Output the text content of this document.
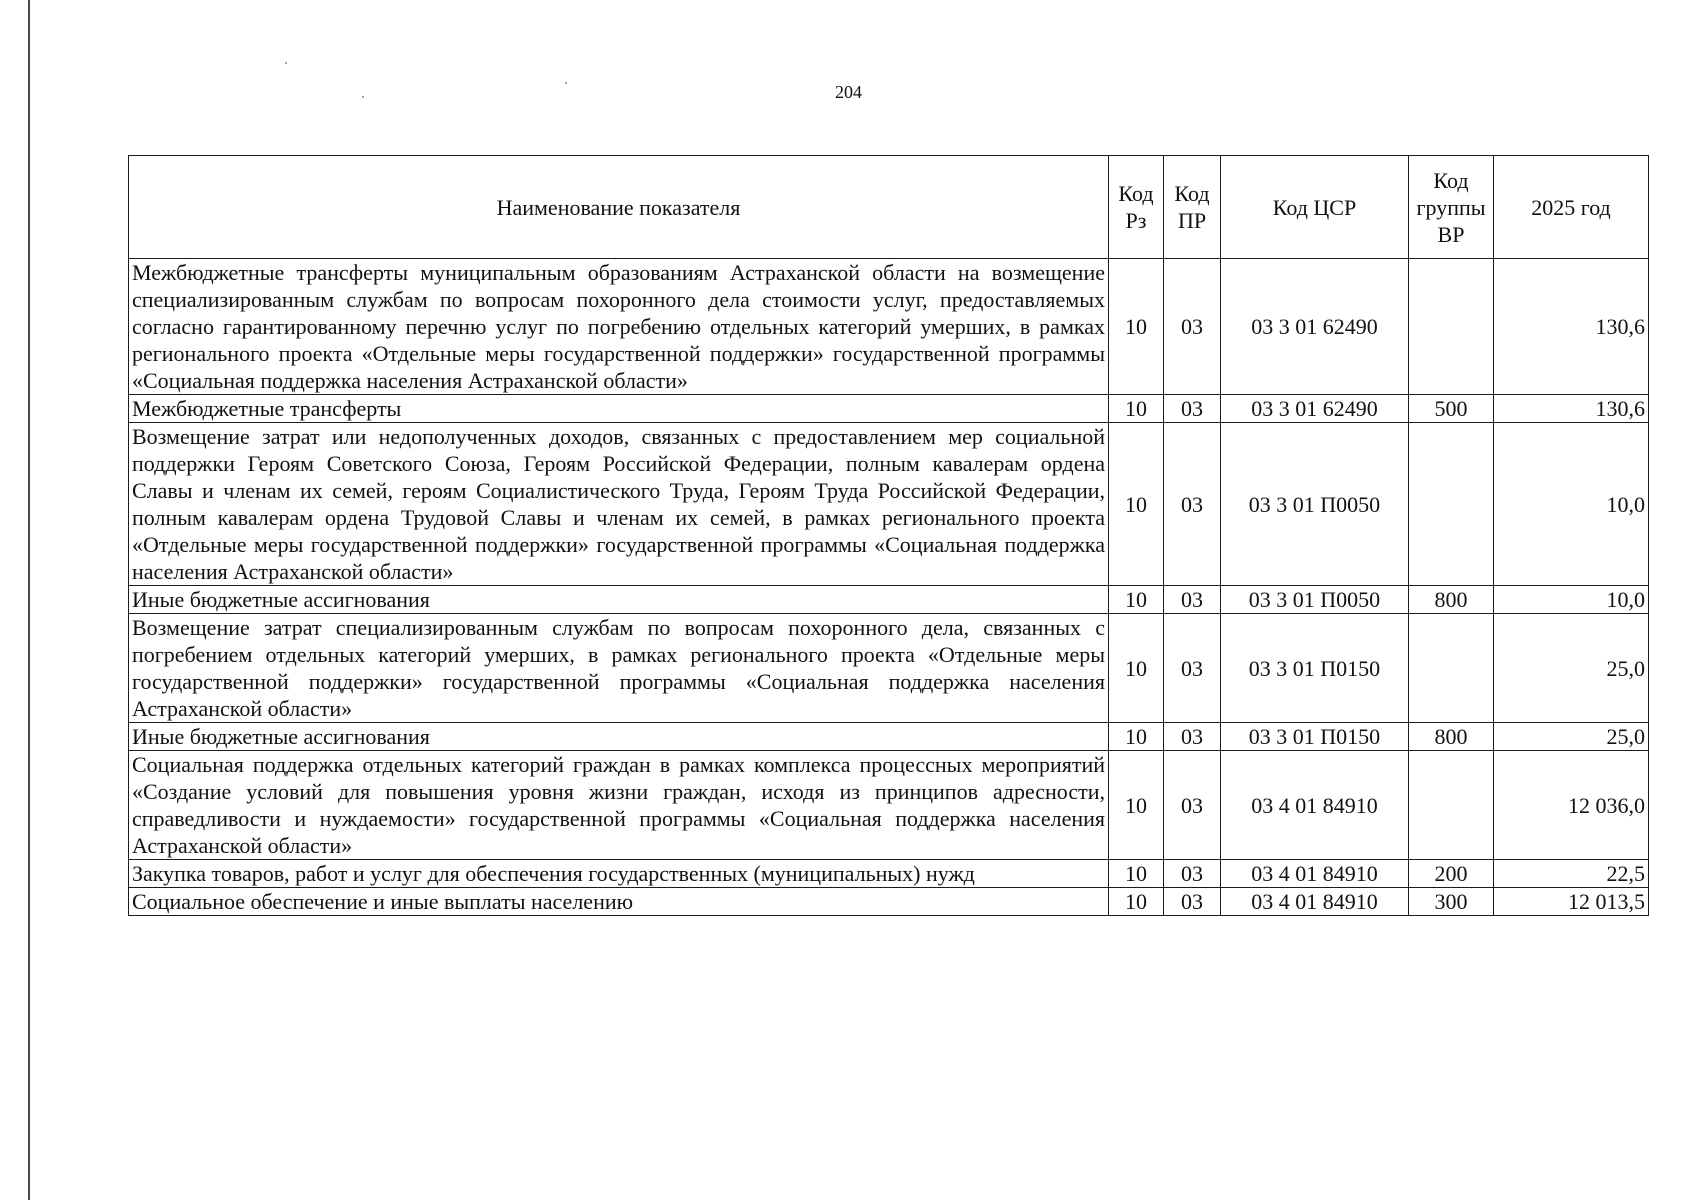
204
Наименование показателя	Код Рз	Код ПР	Код ЦСР	Код группы ВР	2025 год
Межбюджетные трансферты муниципальным образованиям Астраханской области на возмещение специализированным службам по вопросам похоронного дела стоимости услуг, предоставляемых согласно гарантированному перечню услуг по погребению отдельных категорий умерших, в рамках регионального проекта «Отдельные меры государственной поддержки» государственной программы «Социальная поддержка населения Астраханской области»	10	03	03 3 01 62490		130,6
Межбюджетные трансферты	10	03	03 3 01 62490	500	130,6
Возмещение затрат или недополученных доходов, связанных с предоставлением мер социальной поддержки Героям Советского Союза, Героям Российской Федерации, полным кавалерам ордена Славы и членам их семей, героям Социалистического Труда, Героям Труда Российской Федерации, полным кавалерам ордена Трудовой Славы и членам их семей, в рамках регионального проекта «Отдельные меры государственной поддержки» государственной программы «Социальная поддержка населения Астраханской области»	10	03	03 3 01 П0050		10,0
Иные бюджетные ассигнования	10	03	03 3 01 П0050	800	10,0
Возмещение затрат специализированным службам по вопросам похоронного дела, связанных с погребением отдельных категорий умерших, в рамках регионального проекта «Отдельные меры государственной поддержки» государственной программы «Социальная поддержка населения Астраханской области»	10	03	03 3 01 П0150		25,0
Иные бюджетные ассигнования	10	03	03 3 01 П0150	800	25,0
Социальная поддержка отдельных категорий граждан в рамках комплекса процессных мероприятий «Создание условий для повышения уровня жизни граждан, исходя из принципов адресности, справедливости и нуждаемости» государственной программы «Социальная поддержка населения Астраханской области»	10	03	03 4 01 84910		12 036,0
Закупка товаров, работ и услуг для обеспечения государственных (муниципальных) нужд	10	03	03 4 01 84910	200	22,5
Социальное обеспечение и иные выплаты населению	10	03	03 4 01 84910	300	12 013,5
